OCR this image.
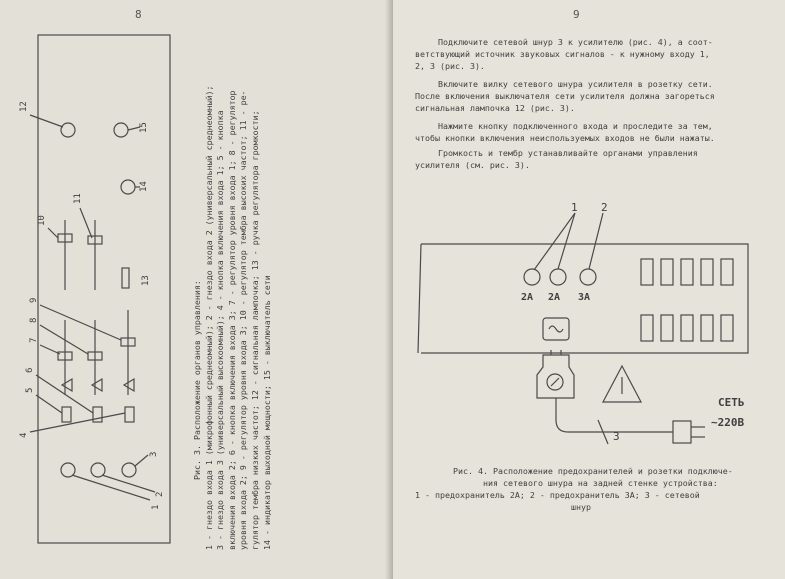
8
12
15
14
10
11
13
9
8
7
6
5
4
3
2
1
Рис. 3. Расположение органов управления: 1 - гнездо входа 1 (микрофонный среднеомный); 2 - гнездо входа 2 (универсальный среднеомный); 3 - гнездо входа 3 (универсальный высокоомный); 4 - кнопка включения входа 1; 5 - кнопка включения входа 2; 6 - кнопка включения входа 3; 7 - регулятор уровня входа 1; 8 - регулятор уровня входа 2; 9 - регулятор уровня входа 3; 10 - регулятор тембра высоких частот; 11 - ре- гулятор тембра низких частот; 12 - сигнальная лампочка; 13 - ручка регулятора громкости; 14 - индикатор выходной мощности; 15 - выключатель сети
9
Подключите сетевой шнур 3 к усилителю (рис. 4), а соот-
ветствующий источник звуковых сигналов - к нужному входу 1,
2, 3 (рис. 3).
Включите вилку сетевого шнура усилителя в розетку сети.
После включения выключателя сети усилителя должна загореться
сигнальная лампочка 12 (рис. 3).
Нажмите кнопку подключенного входа и проследите за тем,
чтобы кнопки включения неиспользуемых входов не были нажаты.
Громкость и тембр устанавливайте органами управления
усилителя (см. рис. 3).
1 2
3
2А 2А 3А
СЕТЬ
~220В
Рис. 4. Расположение предохранителей и розетки подключе-
ния сетевого шнура на задней стенке устройства:
1 - предохранитель 2А; 2 - предохранитель 3А; 3 - сетевой
шнур
